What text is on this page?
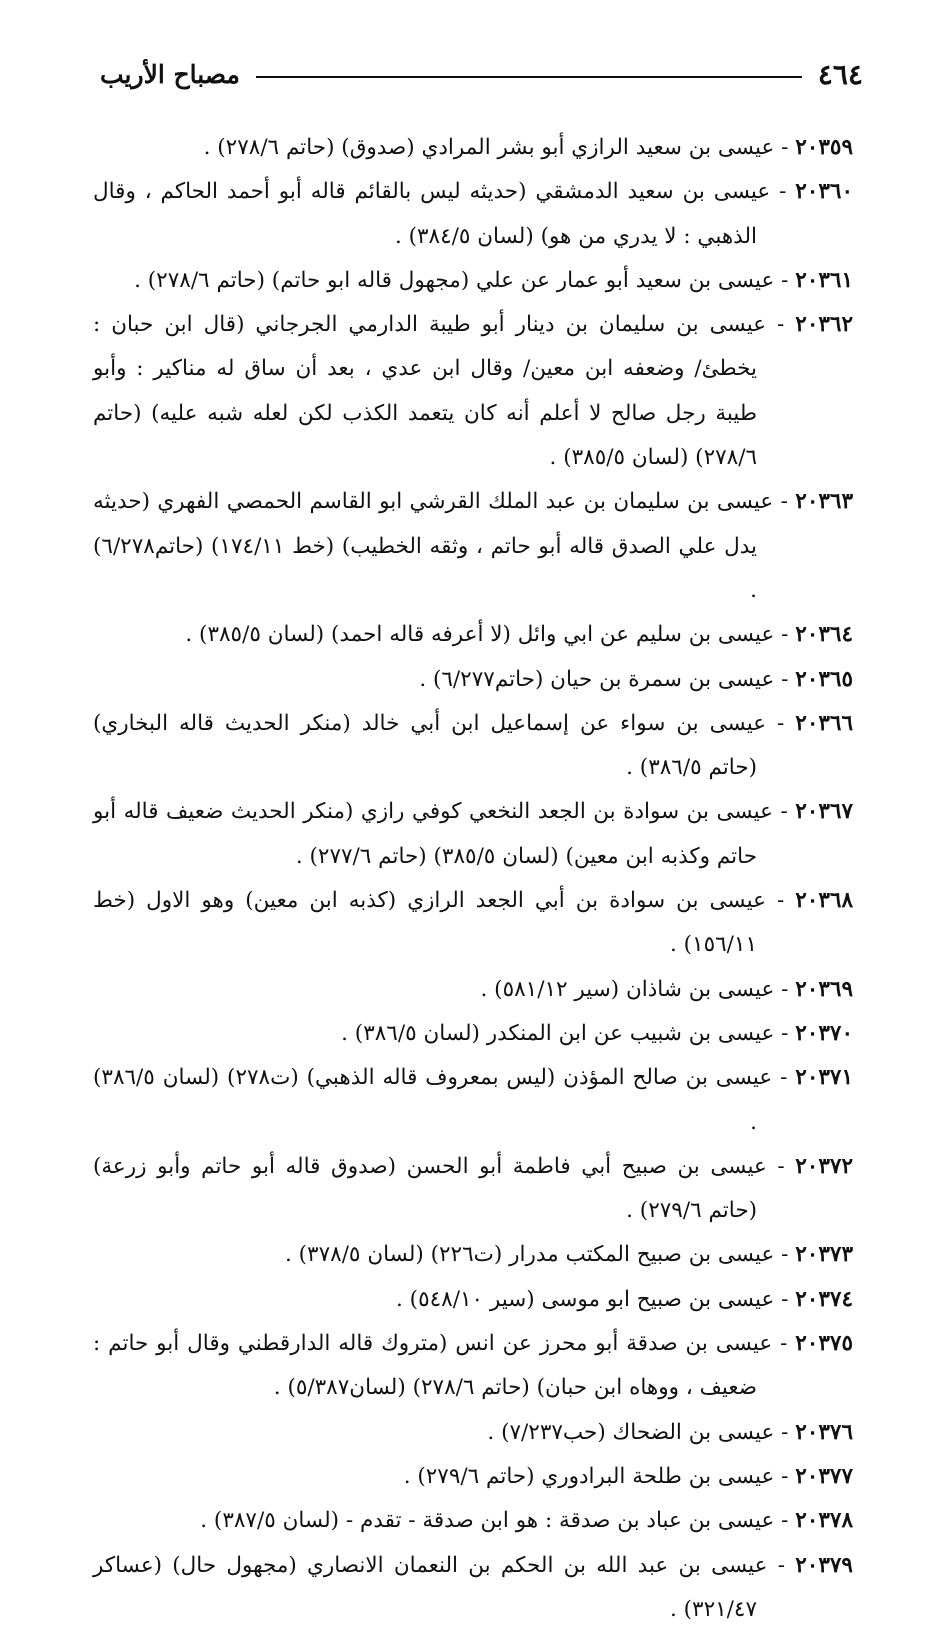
٤٦٤
مصباح الأريب
٢٠٣٥٩ - عيسى بن سعيد الرازي أبو بشر المرادي (صدوق) (حاتم ٢٧٨/٦) .
٢٠٣٦٠ - عيسى بن سعيد الدمشقي (حديثه ليس بالقائم قاله أبو أحمد الحاكم ، وقال الذهبي : لا يدري من هو) (لسان ٣٨٤/٥) .
٢٠٣٦١ - عيسى بن سعيد أبو عمار عن علي (مجهول قاله ابو حاتم) (حاتم ٢٧٨/٦) .
٢٠٣٦٢ - عيسى بن سليمان بن دينار أبو طيبة الدارمي الجرجاني (قال ابن حبان : يخطئ/ وضعفه ابن معين/ وقال ابن عدي ، بعد أن ساق له مناكير : وأبو طيبة رجل صالح لا أعلم أنه كان يتعمد الكذب لكن لعله شبه عليه) (حاتم ٢٧٨/٦) (لسان ٣٨٥/٥) .
٢٠٣٦٣ - عيسى بن سليمان بن عبد الملك القرشي ابو القاسم الحمصي الفهري (حديثه يدل علي الصدق قاله أبو حاتم ، وثقه الخطيب) (خط ١٧٤/١١) (حاتم٦/٢٧٨) .
٢٠٣٦٤ - عيسى بن سليم عن ابي وائل (لا أعرفه قاله احمد) (لسان ٣٨٥/٥) .
٢٠٣٦٥ - عيسى بن سمرة بن حيان (حاتم٦/٢٧٧) .
٢٠٣٦٦ - عيسى بن سواء عن إسماعيل ابن أبي خالد (منكر الحديث قاله البخاري) (حاتم ٣٨٦/٥) .
٢٠٣٦٧ - عيسى بن سوادة بن الجعد النخعي كوفي رازي (منكر الحديث ضعيف قاله أبو حاتم وكذبه ابن معين) (لسان ٣٨٥/٥) (حاتم ٢٧٧/٦) .
٢٠٣٦٨ - عيسى بن سوادة بن أبي الجعد الرازي (كذبه ابن معين) وهو الاول (خط ١٥٦/١١) .
٢٠٣٦٩ - عيسى بن شاذان (سير ٥٨١/١٢) .
٢٠٣٧٠ - عيسى بن شبيب عن ابن المنكدر (لسان ٣٨٦/٥) .
٢٠٣٧١ - عيسى بن صالح المؤذن (ليس بمعروف قاله الذهبي) (ت٢٧٨) (لسان ٣٨٦/٥) .
٢٠٣٧٢ - عيسى بن صبيح أبي فاطمة أبو الحسن (صدوق قاله أبو حاتم وأبو زرعة) (حاتم ٢٧٩/٦) .
٢٠٣٧٣ - عيسى بن صبيح المكتب مدرار (ت٢٢٦) (لسان ٣٧٨/٥) .
٢٠٣٧٤ - عيسى بن صبيح ابو موسى (سير ٥٤٨/١٠) .
٢٠٣٧٥ - عيسى بن صدقة أبو محرز عن انس (متروك قاله الدارقطني وقال أبو حاتم : ضعيف ، ووهاه ابن حبان) (حاتم ٢٧٨/٦) (لسان٥/٣٨٧) .
٢٠٣٧٦ - عيسى بن الضحاك (حب٧/٢٣٧) .
٢٠٣٧٧ - عيسى بن طلحة البرادوري (حاتم ٢٧٩/٦) .
٢٠٣٧٨ - عيسى بن عباد بن صدقة : هو ابن صدقة - تقدم - (لسان ٣٨٧/٥) .
٢٠٣٧٩ - عيسى بن عبد الله بن الحكم بن النعمان الانصاري (مجهول حال) (عساكر ٣٢١/٤٧) .
